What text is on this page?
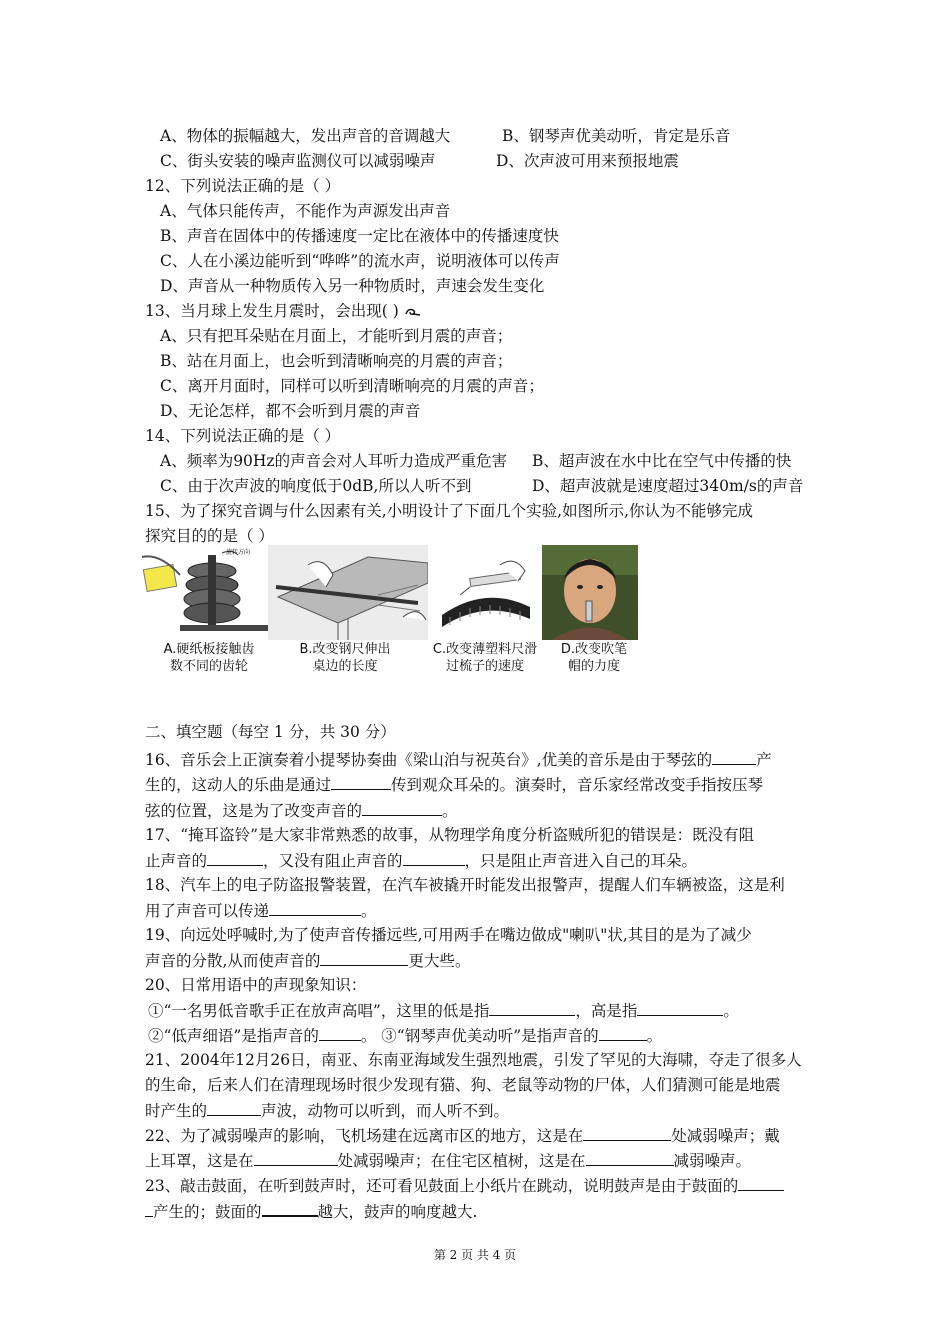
A、物体的振幅越大，发出声音的音调越大	B、钢琴声优美动听，肯定是乐音
C、街头安装的噪声监测仪可以减弱噪声	D、次声波可用来预报地震
12、下列说法正确的是（ ）
A、气体只能传声，不能作为声源发出声音
B、声音在固体中的传播速度一定比在液体中的传播速度快
C、人在小溪边能听到“哗哗”的流水声，说明液体可以传声
D、声音从一种物质传入另一种物质时，声速会发生变化
13、当月球上发生月震时，会出现( )
A、只有把耳朵贴在月面上，才能听到月震的声音；
B、站在月面上，也会听到清晰响亮的月震的声音；
C、离开月面时，同样可以听到清晰响亮的月震的声音；
D、无论怎样，都不会听到月震的声音
14、下列说法正确的是（ ）
A、频率为90Hz的声音会对人耳听力造成严重危害 B、超声波在水中比在空气中传播的快
C、由于次声波的响度低于0dB,所以人听不到	D、超声波就是速度超过340m/s的声音
15、为了探究音调与什么因素有关,小明设计了下面几个实验,如图所示,你认为不能够完成
探究目的的是（ ）
旋转方向
A.硬纸板接触齿
数不同的齿轮
B.改变钢尺伸出
桌边的长度
C.改变薄塑料尺滑
过梳子的速度
D.改变吹笔
帽的力度
二、填空题（每空 1 分，共 30 分）
16、音乐会上正演奏着小提琴协奏曲《梁山泊与祝英台》,优美的音乐是由于琴弦的	产
生的，这动人的乐曲是通过	传到观众耳朵的。演奏时，音乐家经常改变手指按压琴
弦的位置，这是为了改变声音的	。
17、“掩耳盗铃”是大家非常熟悉的故事，从物理学角度分析盗贼所犯的错误是：既没有阻
止声音的	，又没有阻止声音的	，只是阻止声音进入自己的耳朵。
18、汽车上的电子防盗报警装置，在汽车被撬开时能发出报警声，提醒人们车辆被盗，这是利
用了声音可以传递	。
19、向远处呼喊时,为了使声音传播远些,可用两手在嘴边做成"喇叭"状,其目的是为了减少
声音的分散,从而使声音的	更大些。
20、日常用语中的声现象知识：
①“一名男低音歌手正在放声高唱”，这里的低是指	，高是指	。
②“低声细语”是指声音的	。 ③“钢琴声优美动听”是指声音的	。
21、2004年12月26日，南亚、东南亚海域发生强烈地震，引发了罕见的大海啸，夺走了很多人
的生命，后来人们在清理现场时很少发现有猫、狗、老鼠等动物的尸体，人们猜测可能是地震
时产生的	声波，动物可以听到，而人听不到。
22、为了减弱噪声的影响，飞机场建在远离市区的地方，这是在	处减弱噪声；戴
上耳罩，这是在	处减弱噪声；在住宅区植树，这是在	减弱噪声。
23、敲击鼓面，在听到鼓声时，还可看见鼓面上小纸片在跳动，说明鼓声是由于鼓面的
产生的；鼓面的	越大，鼓声的响度越大.
第 2 页 共 4 页
